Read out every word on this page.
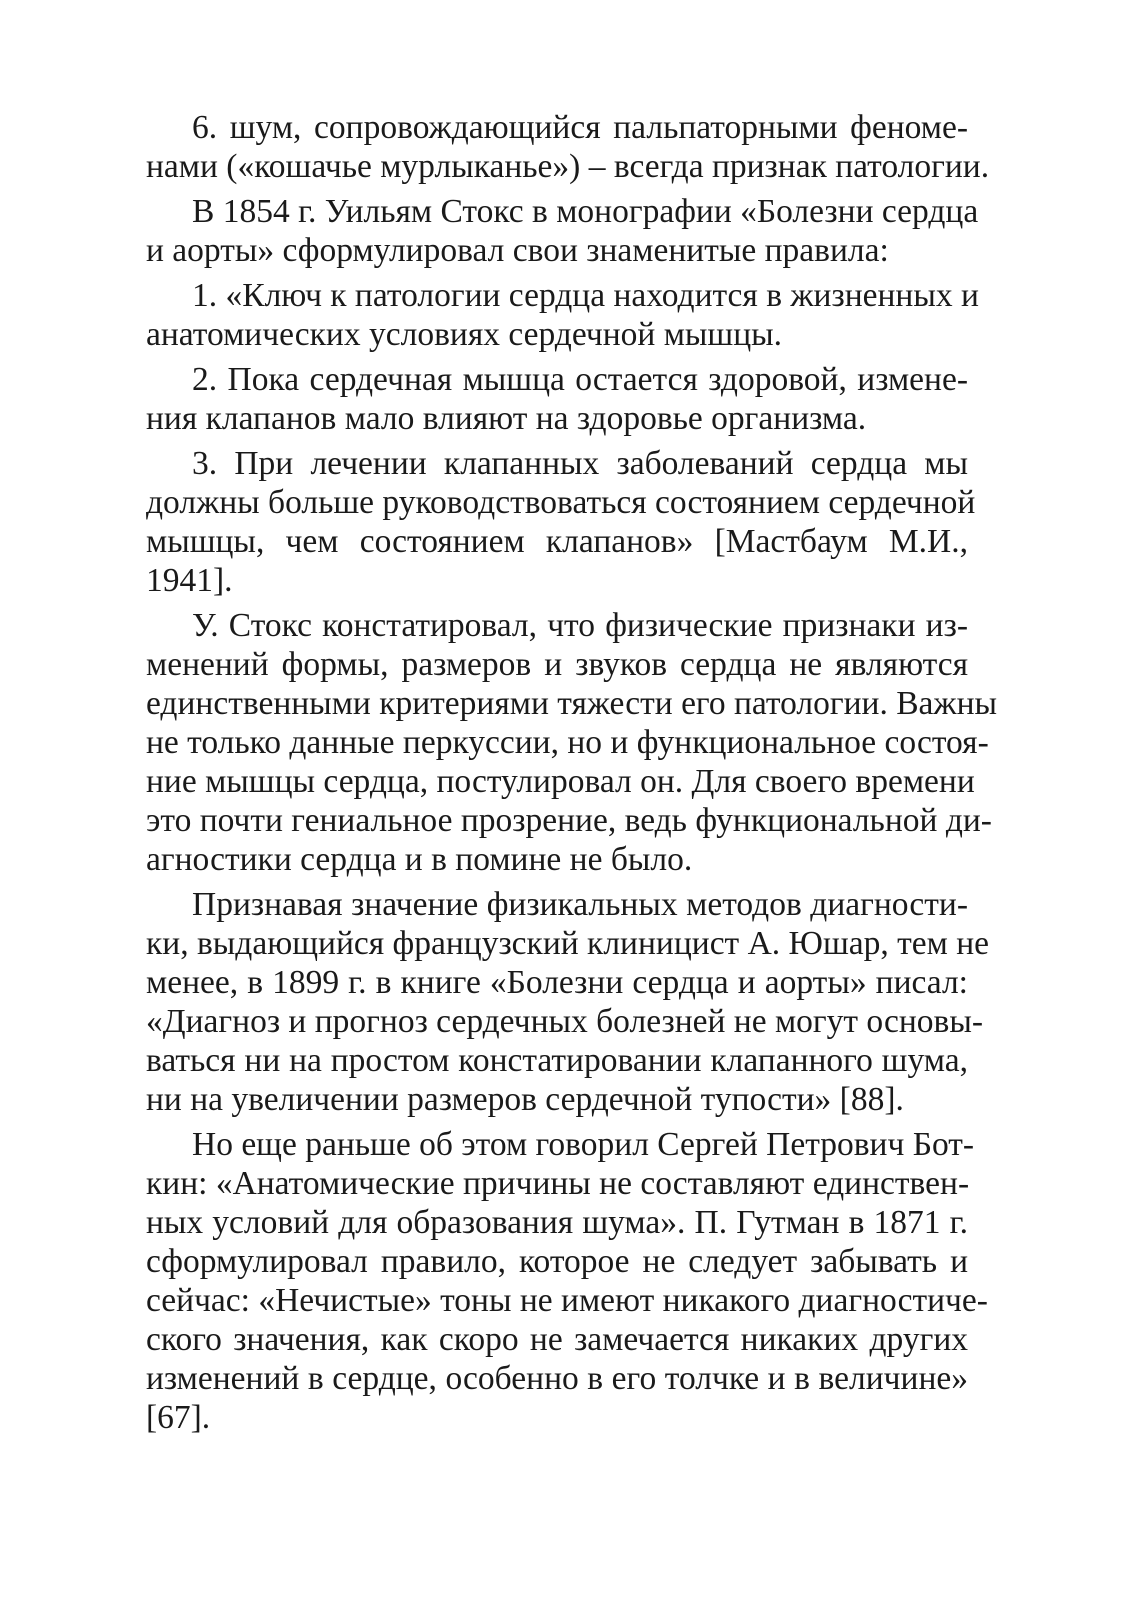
6. шум, сопровождающийся пальпаторными феноме-
нами («кошачье мурлыканье») – всегда признак патологии.

В 1854 г. Уильям Стокс в монографии «Болезни сердца
и аорты» сформулировал свои знаменитые правила:

1. «Ключ к патологии сердца находится в жизненных и
анатомических условиях сердечной мышцы.

2. Пока сердечная мышца остается здоровой, измене-
ния клапанов мало влияют на здоровье организма.

3. При лечении клапанных заболеваний сердца мы
должны больше руководствоваться состоянием сердечной
мышцы, чем состоянием клапанов» [Мастбаум М.И.,
1941].

У. Стокс констатировал, что физические признаки из-
менений формы, размеров и звуков сердца не являются
единственными критериями тяжести его патологии. Важны
не только данные перкуссии, но и функциональное состоя-
ние мышцы сердца, постулировал он. Для своего времени
это почти гениальное прозрение, ведь функциональной ди-
агностики сердца и в помине не было.

Признавая значение физикальных методов диагности-
ки, выдающийся французский клиницист А. Юшар, тем не
менее, в 1899 г. в книге «Болезни сердца и аорты» писал:
«Диагноз и прогноз сердечных болезней не могут основы-
ваться ни на простом констатировании клапанного шума,
ни на увеличении размеров сердечной тупости» [88].

Но еще раньше об этом говорил Сергей Петрович Бот-
кин: «Анатомические причины не составляют единствен-
ных условий для образования шума». П. Гутман в 1871 г.
сформулировал правило, которое не следует забывать и
сейчас: «Нечистые» тоны не имеют никакого диагностиче-
ского значения, как скоро не замечается никаких других
изменений в сердце, особенно в его толчке и в величине»
[67].
